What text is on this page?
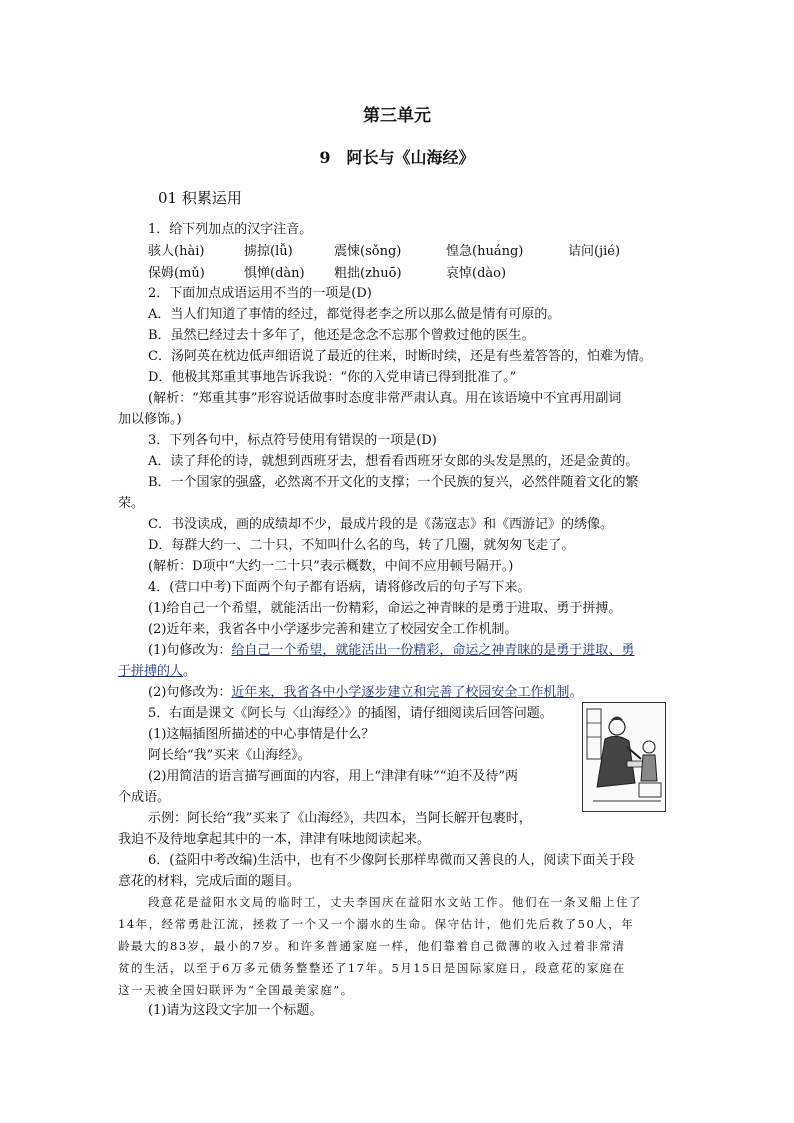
第三单元
9　阿长与《山海经》
01 积累运用
1．给下列加点的汉字注音。
骇人(hài)	掳掠(lǚ)	震悚(sǒng)	惶急(huáng)	诘问(jié)
保姆(mǔ)	惧惮(dàn) 粗拙(zhuō)	哀悼(dào)
2．下面加点成语运用不当的一项是(D)
A．当人们知道了事情的经过，都觉得老李之所以那么做是情有可原的。
B．虽然已经过去十多年了，他还是念念不忘那个曾救过他的医生。
C．汤阿英在枕边低声细语说了最近的往来，时断时续，还是有些羞答答的，怕难为情。
D．他极其郑重其事地告诉我说：“你的入党申请已得到批准了。”
(解析：“郑重其事”形容说话做事时态度非常严肃认真。用在该语境中不宜再用副词
加以修饰。)
3．下列各句中，标点符号使用有错误的一项是(D)
A．读了拜伦的诗，就想到西班牙去，想看看西班牙女郎的头发是黑的，还是金黄的。
B．一个国家的强盛，必然离不开文化的支撑；一个民族的复兴，必然伴随着文化的繁
荣。
C．书没读成，画的成绩却不少，最成片段的是《荡寇志》和《西游记》的绣像。
D．每群大约一、二十只，不知叫什么名的鸟，转了几圈，就匆匆飞走了。
(解析：D项中“大约一二十只”表示概数，中间不应用顿号隔开。)
4．(营口中考)下面两个句子都有语病，请将修改后的句子写下来。
(1)给自己一个希望，就能活出一份精彩，命运之神青睐的是勇于进取、勇于拼搏。
(2)近年来，我省各中小学逐步完善和建立了校园安全工作机制。
(1)句修改为：给自己一个希望，就能活出一份精彩，命运之神青睐的是勇于进取、勇
于拼搏的人。
(2)句修改为：近年来，我省各中小学逐步建立和完善了校园安全工作机制。
5．右面是课文《阿长与〈山海经〉》的插图，请仔细阅读后回答问题。
(1)这幅插图所描述的中心事情是什么？
阿长给“我”买来《山海经》。
(2)用简洁的语言描写画面的内容，用上“津津有味”“迫不及待”两
个成语。
示例：阿长给“我”买来了《山海经》，共四本，当阿长解开包裹时，
我迫不及待地拿起其中的一本，津津有味地阅读起来。
6．(益阳中考改编)生活中，也有不少像阿长那样卑微而又善良的人，阅读下面关于段
意花的材料，完成后面的题目。
段意花是益阳水文局的临时工，丈夫李国庆在益阳水文站工作。他们在一条叉船上住了
14年，经常勇赴江流，拯救了一个又一个溺水的生命。保守估计，他们先后救了50人，年
龄最大的83岁，最小的7岁。和许多普通家庭一样，他们靠着自己微薄的收入过着非常清
贫的生活，以至于6万多元债务整整还了17年。5月15日是国际家庭日，段意花的家庭在
这一天被全国妇联评为“全国最美家庭”。
(1)请为这段文字加一个标题。
